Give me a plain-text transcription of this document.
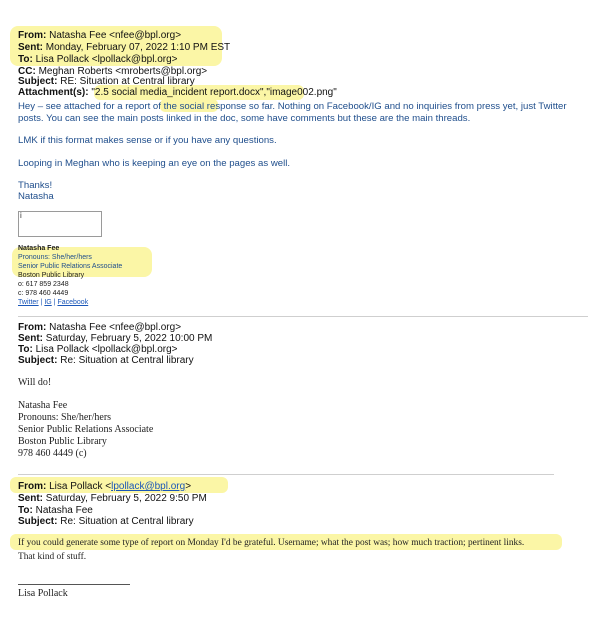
From: Natasha Fee <nfee@bpl.org>
Sent: Monday, February 07, 2022 1:10 PM EST
To: Lisa Pollack <lpollack@bpl.org>
CC: Meghan Roberts <mroberts@bpl.org>
Subject: RE: Situation at Central library
Attachment(s): "2.5 social media_incident report.docx","image002.png"
Hey – see attached for a report of the social response so far. Nothing on Facebook/IG and no inquiries from press yet, just Twitter
posts. You can see the main posts linked in the doc, some have comments but these are the main threads.
LMK if this format makes sense or if you have any questions.
Looping in Meghan who is keeping an eye on the pages as well.
Thanks!
Natasha
i
Natasha Fee
Pronouns: She/her/hers
Senior Public Relations Associate
Boston Public Library
o: 617 859 2348
c: 978 460 4449
Twitter | IG | Facebook
From: Natasha Fee <nfee@bpl.org>
Sent: Saturday, February 5, 2022 10:00 PM
To: Lisa Pollack <lpollack@bpl.org>
Subject: Re: Situation at Central library
Will do!
Natasha Fee
Pronouns: She/her/hers
Senior Public Relations Associate
Boston Public Library
978 460 4449 (c)
From: Lisa Pollack <lpollack@bpl.org>
Sent: Saturday, February 5, 2022 9:50 PM
To: Natasha Fee
Subject: Re: Situation at Central library
If you could generate some type of report on Monday I'd be grateful. Username; what the post was; how much traction; pertinent links.
That kind of stuff.
Lisa Pollack
